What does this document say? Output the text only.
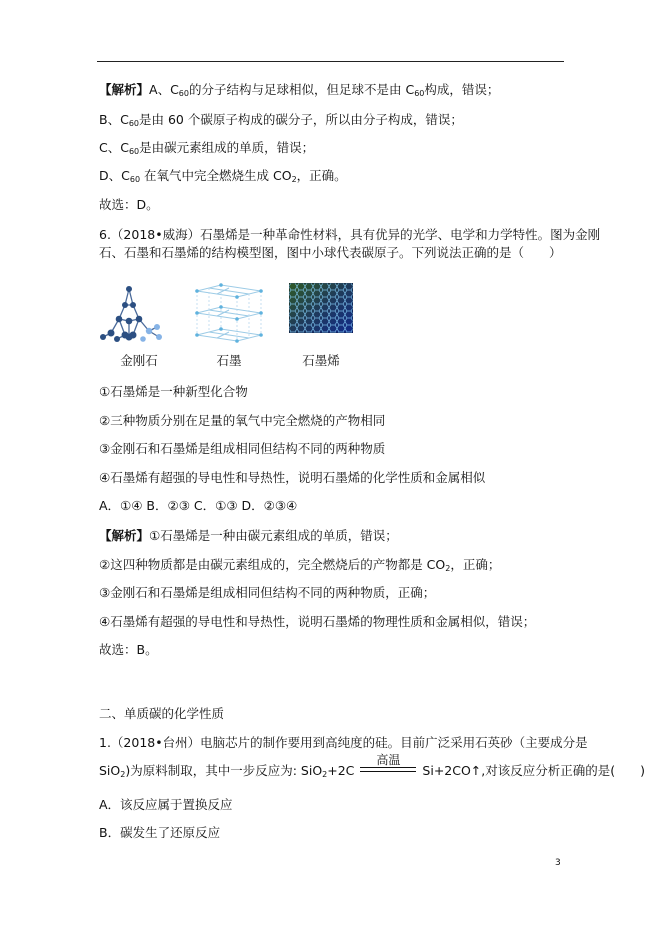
【解析】A、$C_{60}$的分子结构与足球相似，但足球不是由 $C_{60}$构成，错误；
B、$C_{60}$是由 60 个碳原子构成的碳分子，所以由分子构成，错误；
C、$C_{60}$是由碳元素组成的单质，错误；
D、$C_{60}$ 在氧气中完全燃烧生成 $CO_2$，正确。
故选：D。
6.（2018•威海）石墨烯是一种革命性材料，具有优异的光学、电学和力学特性。图为金刚
石、石墨和石墨烯的结构模型图，图中小球代表碳原子。下列说法正确的是（　　）
金刚石	石墨	石墨烯
①石墨烯是一种新型化合物
②三种物质分别在足量的氧气中完全燃烧的产物相同
③金刚石和石墨烯是组成相同但结构不同的两种物质
④石墨烯有超强的导电性和导热性，说明石墨烯的化学性质和金属相似
A．①④ B．②③ C．①③ D．②③④
【解析】①石墨烯是一种由碳元素组成的单质，错误；
②这四种物质都是由碳元素组成的，完全燃烧后的产物都是 $CO_2$，正确；
③金刚石和石墨烯是组成相同但结构不同的两种物质，正确；
④石墨烯有超强的导电性和导热性，说明石墨烯的物理性质和金属相似，错误；
故选：B。
二、单质碳的化学性质
1.（2018•台州）电脑芯片的制作要用到高纯度的硅。目前广泛采用石英砂（主要成分是
SiO$_2$)为原料制取，其中一步反应为: SiO$_2$+2C
高温
Si+2CO↑,对该反应分析正确的是(　　)
A．该反应属于置换反应
B．碳发生了还原反应
3
